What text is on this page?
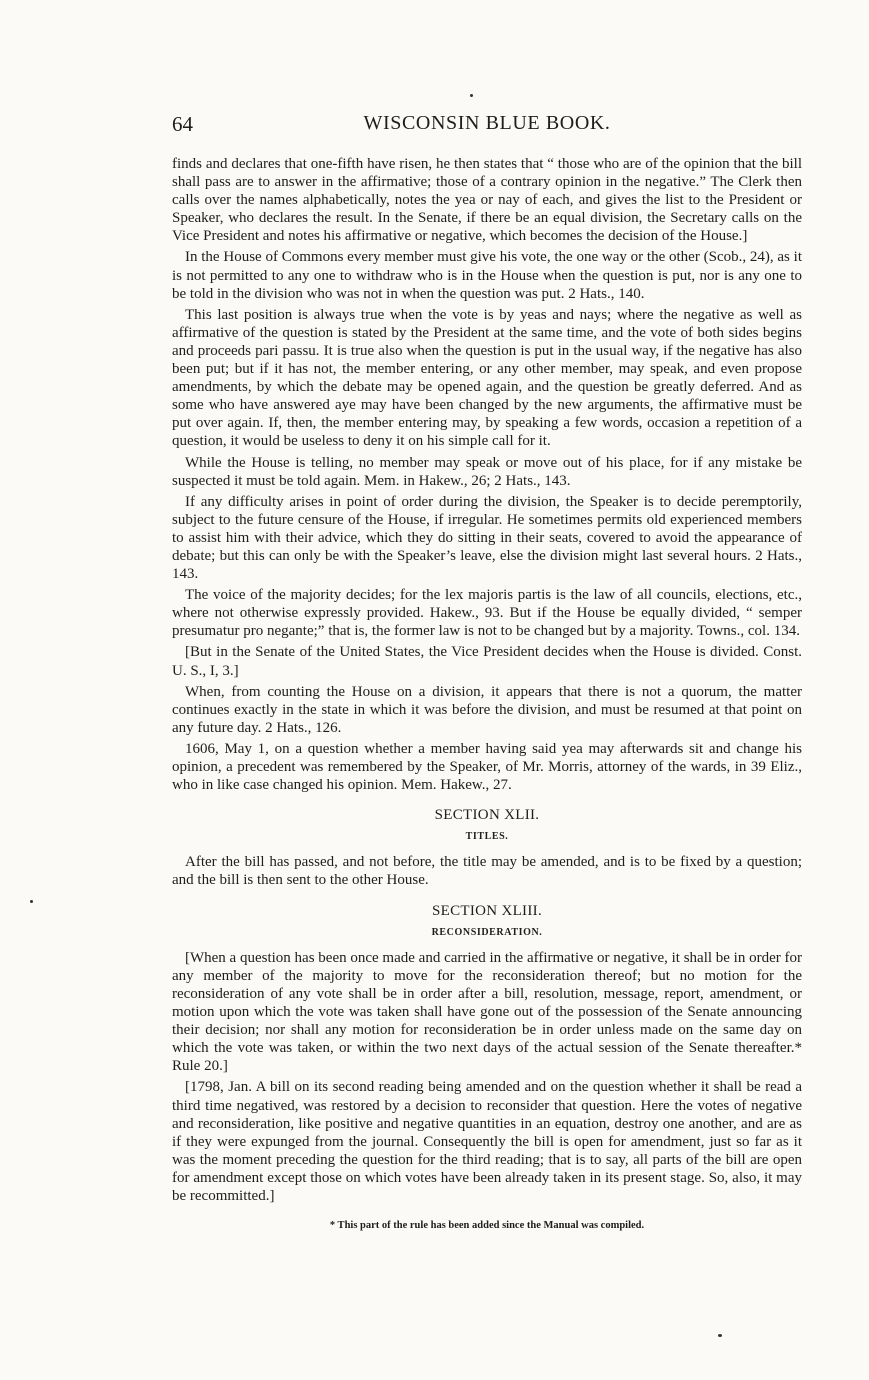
64	WISCONSIN BLUE BOOK.

finds and declares that one-fifth have risen, he then states that “ those who are of the opinion that the bill shall pass are to answer in the affirmative; those of a contrary opinion in the negative.” The Clerk then calls over the names alphabetically, notes the yea or nay of each, and gives the list to the President or Speaker, who declares the result. In the Senate, if there be an equal division, the Secretary calls on the Vice President and notes his affirmative or negative, which becomes the decision of the House.]

In the House of Commons every member must give his vote, the one way or the other (Scob., 24), as it is not permitted to any one to withdraw who is in the House when the question is put, nor is any one to be told in the division who was not in when the question was put. 2 Hats., 140.

This last position is always true when the vote is by yeas and nays; where the negative as well as affirmative of the question is stated by the President at the same time, and the vote of both sides begins and proceeds pari passu. It is true also when the question is put in the usual way, if the negative has also been put; but if it has not, the member entering, or any other member, may speak, and even propose amendments, by which the debate may be opened again, and the question be greatly deferred. And as some who have answered aye may have been changed by the new arguments, the affirmative must be put over again. If, then, the member entering may, by speaking a few words, occasion a repetition of a question, it would be useless to deny it on his simple call for it.

While the House is telling, no member may speak or move out of his place, for if any mistake be suspected it must be told again. Mem. in Hakew., 26; 2 Hats., 143.

If any difficulty arises in point of order during the division, the Speaker is to decide peremptorily, subject to the future censure of the House, if irregular. He sometimes permits old experienced members to assist him with their advice, which they do sitting in their seats, covered to avoid the appearance of debate; but this can only be with the Speaker’s leave, else the division might last several hours. 2 Hats., 143.

The voice of the majority decides; for the lex majoris partis is the law of all councils, elections, etc., where not otherwise expressly provided. Hakew., 93. But if the House be equally divided, “ semper presumatur pro negante;” that is, the former law is not to be changed but by a majority. Towns., col. 134.

[But in the Senate of the United States, the Vice President decides when the House is divided. Const. U. S., I, 3.]

When, from counting the House on a division, it appears that there is not a quorum, the matter continues exactly in the state in which it was before the division, and must be resumed at that point on any future day. 2 Hats., 126.

1606, May 1, on a question whether a member having said yea may afterwards sit and change his opinion, a precedent was remembered by the Speaker, of Mr. Morris, attorney of the wards, in 39 Eliz., who in like case changed his opinion. Mem. Hakew., 27.

SECTION XLII.
TITLES.

After the bill has passed, and not before, the title may be amended, and is to be fixed by a question; and the bill is then sent to the other House.

SECTION XLIII.
RECONSIDERATION.

[When a question has been once made and carried in the affirmative or negative, it shall be in order for any member of the majority to move for the reconsideration thereof; but no motion for the reconsideration of any vote shall be in order after a bill, resolution, message, report, amendment, or motion upon which the vote was taken shall have gone out of the possession of the Senate announcing their decision; nor shall any motion for reconsideration be in order unless made on the same day on which the vote was taken, or within the two next days of the actual session of the Senate thereafter.* Rule 20.]

[1798, Jan. A bill on its second reading being amended and on the question whether it shall be read a third time negatived, was restored by a decision to reconsider that question. Here the votes of negative and reconsideration, like positive and negative quantities in an equation, destroy one another, and are as if they were expunged from the journal. Consequently the bill is open for amendment, just so far as it was the moment preceding the question for the third reading; that is to say, all parts of the bill are open for amendment except those on which votes have been already taken in its present stage. So, also, it may be recommitted.]

* This part of the rule has been added since the Manual was compiled.
